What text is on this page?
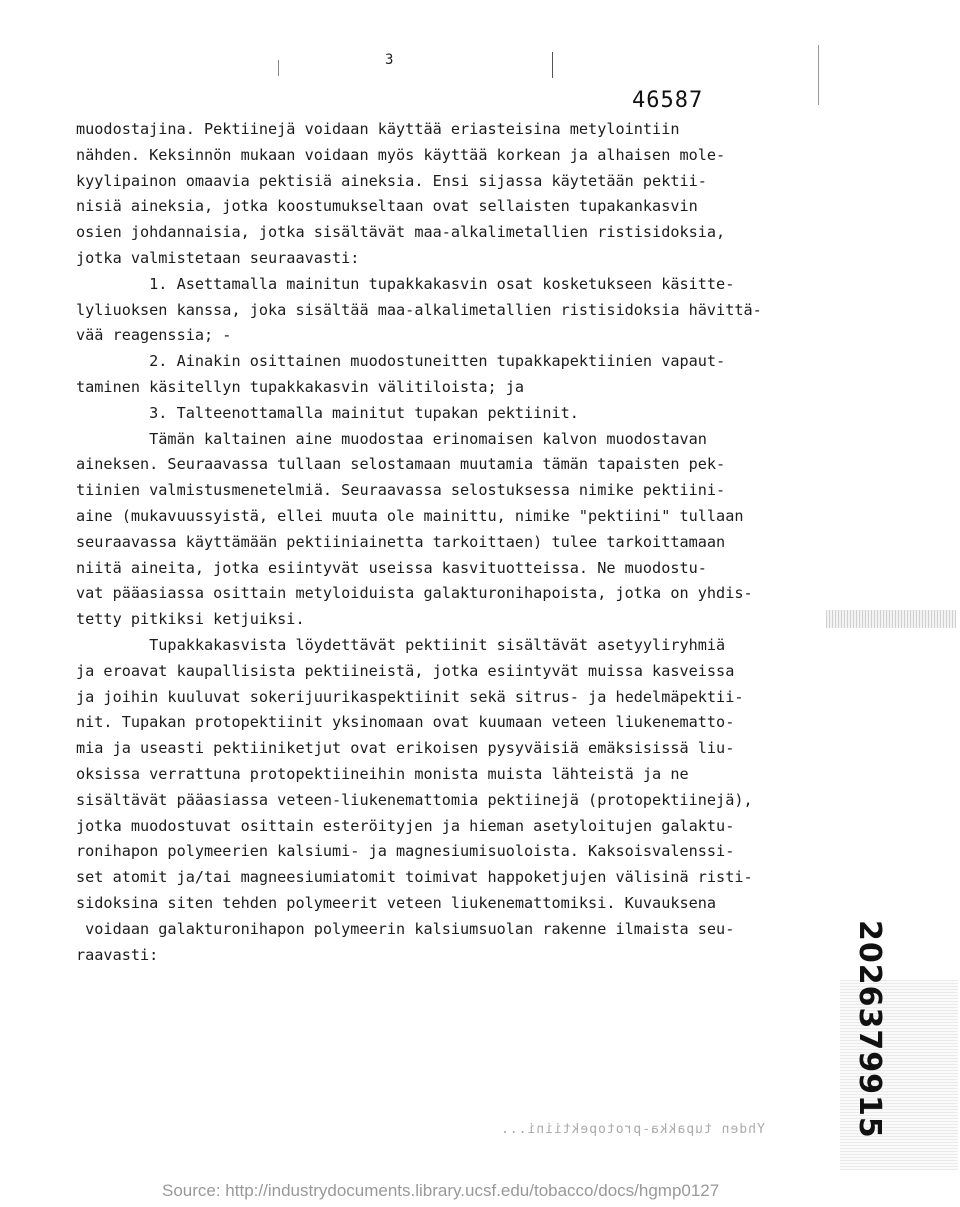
3
46587
muodostajina. Pektiinejä voidaan käyttää eriasteisina metylointiin
nähden. Keksinnön mukaan voidaan myös käyttää korkean ja alhaisen mole-
kyylipainon omaavia pektisiä aineksia. Ensi sijassa käytetään pektii-
nisiä aineksia, jotka koostumukseltaan ovat sellaisten tupakankasvin
osien johdannaisia, jotka sisältävät maa-alkalimetallien ristisidoksia,
jotka valmistetaan seuraavasti:
1. Asettamalla mainitun tupakkakasvin osat kosketukseen käsitte-
lyliuoksen kanssa, joka sisältää maa-alkalimetallien ristisidoksia hävittä-
vää reagenssia; -
2. Ainakin osittainen muodostuneitten tupakkapektiinien vapaut-
taminen käsitellyn tupakkakasvin välitiloista; ja
3. Talteenottamalla mainitut tupakan pektiinit.
Tämän kaltainen aine muodostaa erinomaisen kalvon muodostavan
aineksen. Seuraavassa tullaan selostamaan muutamia tämän tapaisten pek-
tiinien valmistusmenetelmiä. Seuraavassa selostuksessa nimike pektiini-
aine (mukavuussyistä, ellei muuta ole mainittu, nimike "pektiini" tullaan
seuraavassa käyttämään pektiiniainetta tarkoittaen) tulee tarkoittamaan
niitä aineita, jotka esiintyvät useissa kasvituotteissa. Ne muodostu-
vat pääasiassa osittain metyloiduista galakturonihapoista, jotka on yhdis-
tetty pitkiksi ketjuiksi.
Tupakkakasvista löydettävät pektiinit sisältävät asetyyliryhmiä
ja eroavat kaupallisista pektiineistä, jotka esiintyvät muissa kasveissa
ja joihin kuuluvat sokerijuurikaspektiinit sekä sitrus- ja hedelmäpektii-
nit. Tupakan protopektiinit yksinomaan ovat kuumaan veteen liukenematto-
mia ja useasti pektiiniketjut ovat erikoisen pysyväisiä emäksisissä liu-
oksissa verrattuna protopektiineihin monista muista lähteistä ja ne
sisältävät pääasiassa veteen-liukenemattomia pektiinejä (protopektiinejä),
jotka muodostuvat osittain esteröityjen ja hieman asetyloitujen galaktu-
ronihapon polymeerien kalsiumi- ja magnesiumisuoloista. Kaksoisvalenssi-
set atomit ja/tai magneesiumiatomit toimivat happoketjujen välisinä risti-
sidoksina siten tehden polymeerit veteen liukenemattomiksi. Kuvauksena
voidaan galakturonihapon polymeerin kalsiumsuolan rakenne ilmaista seu-
raavasti:	2026379915
Yhden tupakka-protopektiini...
Source: http://industrydocuments.library.ucsf.edu/tobacco/docs/hgmp0127
